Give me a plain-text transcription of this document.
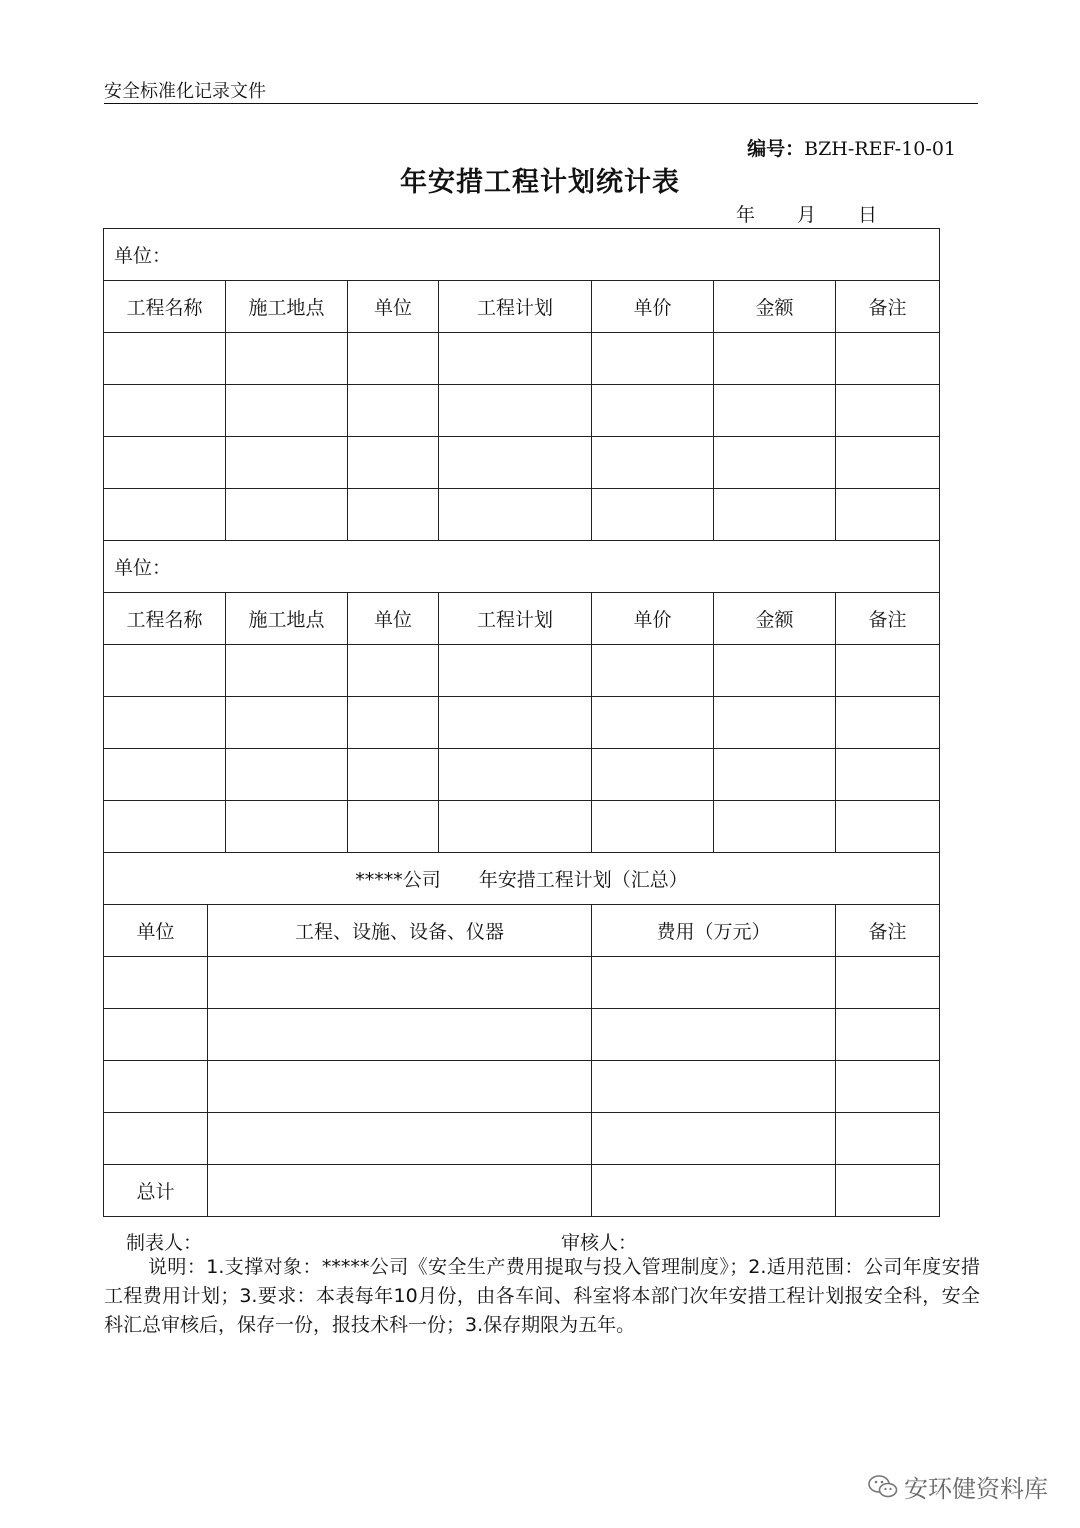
安全标准化记录文件
编号：BZH-REF-10-01
年安措工程计划统计表
年 月 日
单位：							
工程名称		施工地点	单位	工程计划	单价	金额	备注

单位：							
工程名称		施工地点	单位	工程计划	单价	金额	备注

*****公司　　年安措工程计划（汇总）							
单位	工程、设施、设备、仪器				费用（万元）		备注

总计							
制表人：	审核人：
说明：1.支撑对象：*****公司《安全生产费用提取与投入管理制度》；2.适用范围：公司年度安措工程费用计划；3.要求：本表每年10月份，由各车间、科室将本部门次年安措工程计划报安全科，安全科汇总审核后，保存一份，报技术科一份；3.保存期限为五年。
安环健资料库
